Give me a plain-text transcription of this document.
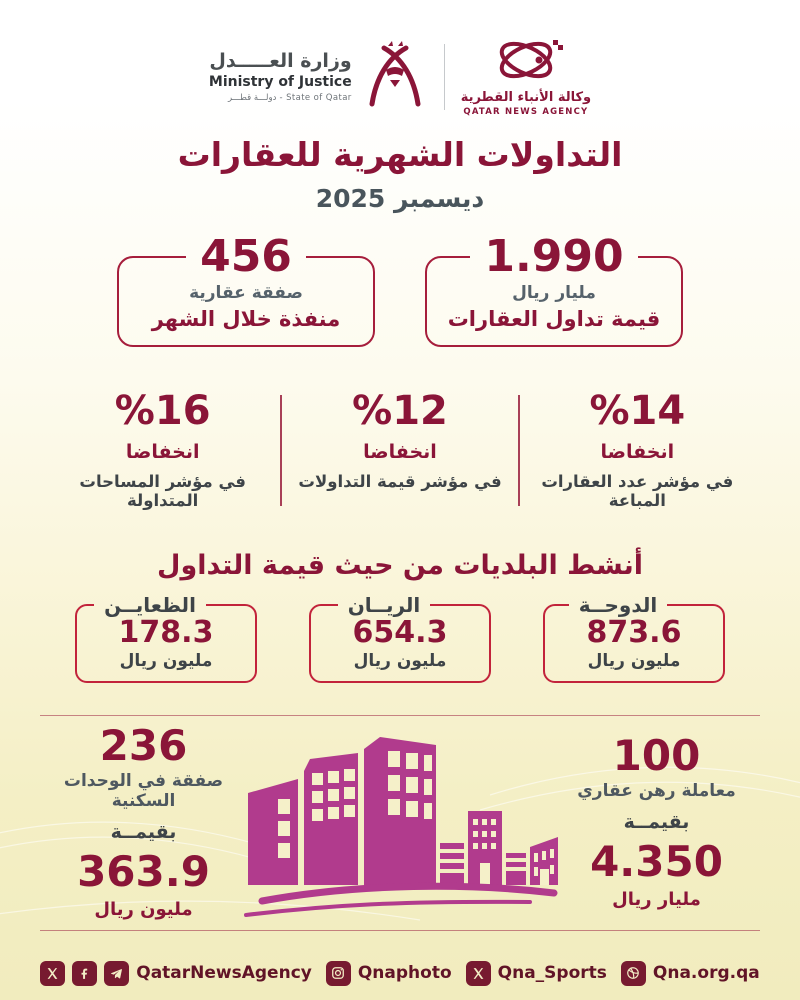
وزارة العـــــدل
Ministry of Justice
State of Qatar - دولـــة قطـــر	وكالة الأنباء القطرية
QATAR NEWS AGENCY
التداولات الشهرية للعقارات
ديسمبر 2025
1.990
مليار ريال
قيمة تداول العقارات
456
صفقة عقارية
منفذة خلال الشهر
%14
انخفاضا
في مؤشر عدد العقارات المباعة
%12
انخفاضا
في مؤشر قيمة التداولات
%16
انخفاضا
في مؤشر المساحات المتداولة
أنشط البلديات من حيث قيمة التداول
الدوحــة
873.6
مليون ريال
الريــان
654.3
مليون ريال
الظعايــن
178.3
مليون ريال
100
معاملة رهن عقاري
بقيمــة
4.350
مليار ريال
236
صفقة في الوحدات السكنية
بقيمــة
363.9
مليون ريال
QatarNewsAgency	Qnaphoto	Qna_Sports	Qna.org.qa
